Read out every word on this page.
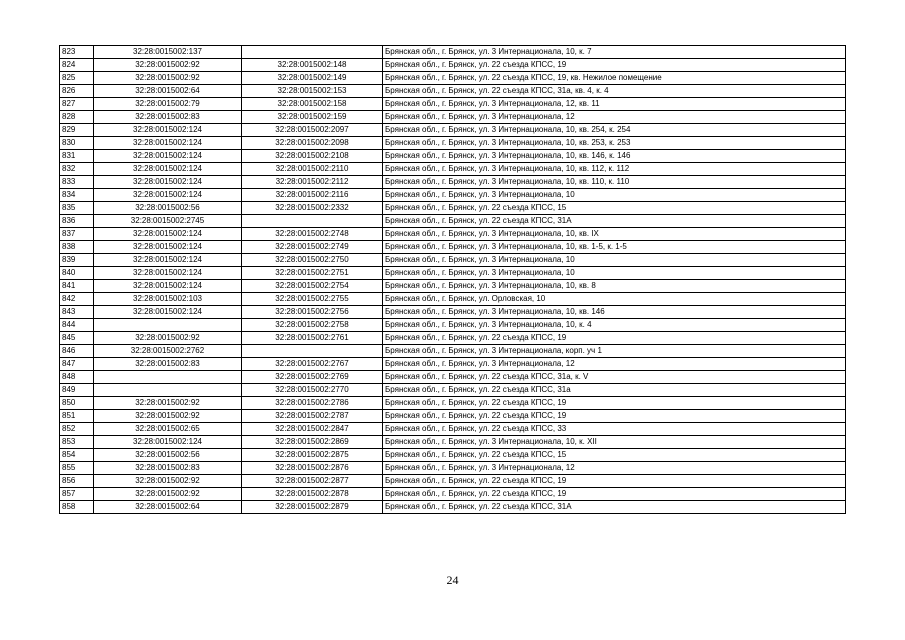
823	32:28:0015002:137		Брянская обл., г. Брянск, ул. 3 Интернационала, 10, к. 7
824	32:28:0015002:92	32:28:0015002:148	Брянская обл., г. Брянск, ул. 22 съезда КПСС, 19
825	32:28:0015002:92	32:28:0015002:149	Брянская обл., г. Брянск, ул. 22 съезда КПСС, 19, кв. Нежилое помещение
826	32:28:0015002:64	32:28:0015002:153	Брянская обл., г. Брянск, ул. 22 съезда КПСС, 31а, кв. 4, к. 4
827	32:28:0015002:79	32:28:0015002:158	Брянская обл., г. Брянск, ул. 3 Интернационала, 12, кв. 11
828	32:28:0015002:83	32:28:0015002:159	Брянская обл., г. Брянск, ул. 3 Интернационала, 12
829	32:28:0015002:124	32:28:0015002:2097	Брянская обл., г. Брянск, ул. 3 Интернационала, 10, кв. 254, к. 254
830	32:28:0015002:124	32:28:0015002:2098	Брянская обл., г. Брянск, ул. 3 Интернационала, 10, кв. 253, к. 253
831	32:28:0015002:124	32:28:0015002:2108	Брянская обл., г. Брянск, ул. 3 Интернационала, 10, кв. 146, к. 146
832	32:28:0015002:124	32:28:0015002:2110	Брянская обл., г. Брянск, ул. 3 Интернационала, 10, кв. 112, к. 112
833	32:28:0015002:124	32:28:0015002:2112	Брянская обл., г. Брянск, ул. 3 Интернационала, 10, кв. 110, к. 110
834	32:28:0015002:124	32:28:0015002:2116	Брянская обл., г. Брянск, ул. 3 Интернационала, 10
835	32:28:0015002:56	32:28:0015002:2332	Брянская обл., г. Брянск, ул. 22 съезда КПСС, 15
836	32:28:0015002:2745		Брянская обл., г. Брянск, ул. 22 съезда КПСС, 31А
837	32:28:0015002:124	32:28:0015002:2748	Брянская обл., г. Брянск, ул. 3 Интернационала, 10, кв. IX
838	32:28:0015002:124	32:28:0015002:2749	Брянская обл., г. Брянск, ул. 3 Интернационала, 10, кв. 1-5, к. 1-5
839	32:28:0015002:124	32:28:0015002:2750	Брянская обл., г. Брянск, ул. 3 Интернационала, 10
840	32:28:0015002:124	32:28:0015002:2751	Брянская обл., г. Брянск, ул. 3 Интернационала, 10
841	32:28:0015002:124	32:28:0015002:2754	Брянская обл., г. Брянск, ул. 3 Интернационала, 10, кв. 8
842	32:28:0015002:103	32:28:0015002:2755	Брянская обл., г. Брянск, ул. Орловская, 10
843	32:28:0015002:124	32:28:0015002:2756	Брянская обл., г. Брянск, ул. 3 Интернационала, 10, кв. 146
844		32:28:0015002:2758	Брянская обл., г. Брянск, ул. 3 Интернационала, 10, к. 4
845	32:28:0015002:92	32:28:0015002:2761	Брянская обл., г. Брянск, ул. 22 съезда КПСС, 19
846	32:28:0015002:2762		Брянская обл., г. Брянск, ул. 3 Интернационала, корп. уч 1
847	32:28:0015002:83	32:28:0015002:2767	Брянская обл., г. Брянск, ул. 3 Интернационала, 12
848		32:28:0015002:2769	Брянская обл., г. Брянск, ул. 22 съезда КПСС, 31а, к. V
849		32:28:0015002:2770	Брянская обл., г. Брянск, ул. 22 съезда КПСС, 31а
850	32:28:0015002:92	32:28:0015002:2786	Брянская обл., г. Брянск, ул. 22 съезда КПСС, 19
851	32:28:0015002:92	32:28:0015002:2787	Брянская обл., г. Брянск, ул. 22 съезда КПСС, 19
852	32:28:0015002:65	32:28:0015002:2847	Брянская обл., г. Брянск, ул. 22 съезда КПСС, 33
853	32:28:0015002:124	32:28:0015002:2869	Брянская обл., г. Брянск, ул. 3 Интернационала, 10, к. XII
854	32:28:0015002:56	32:28:0015002:2875	Брянская обл., г. Брянск, ул. 22 съезда КПСС, 15
855	32:28:0015002:83	32:28:0015002:2876	Брянская обл., г. Брянск, ул. 3 Интернационала, 12
856	32:28:0015002:92	32:28:0015002:2877	Брянская обл., г. Брянск, ул. 22 съезда КПСС, 19
857	32:28:0015002:92	32:28:0015002:2878	Брянская обл., г. Брянск, ул. 22 съезда КПСС, 19
858	32:28:0015002:64	32:28:0015002:2879	Брянская обл., г. Брянск, ул. 22 съезда КПСС, 31А
24
